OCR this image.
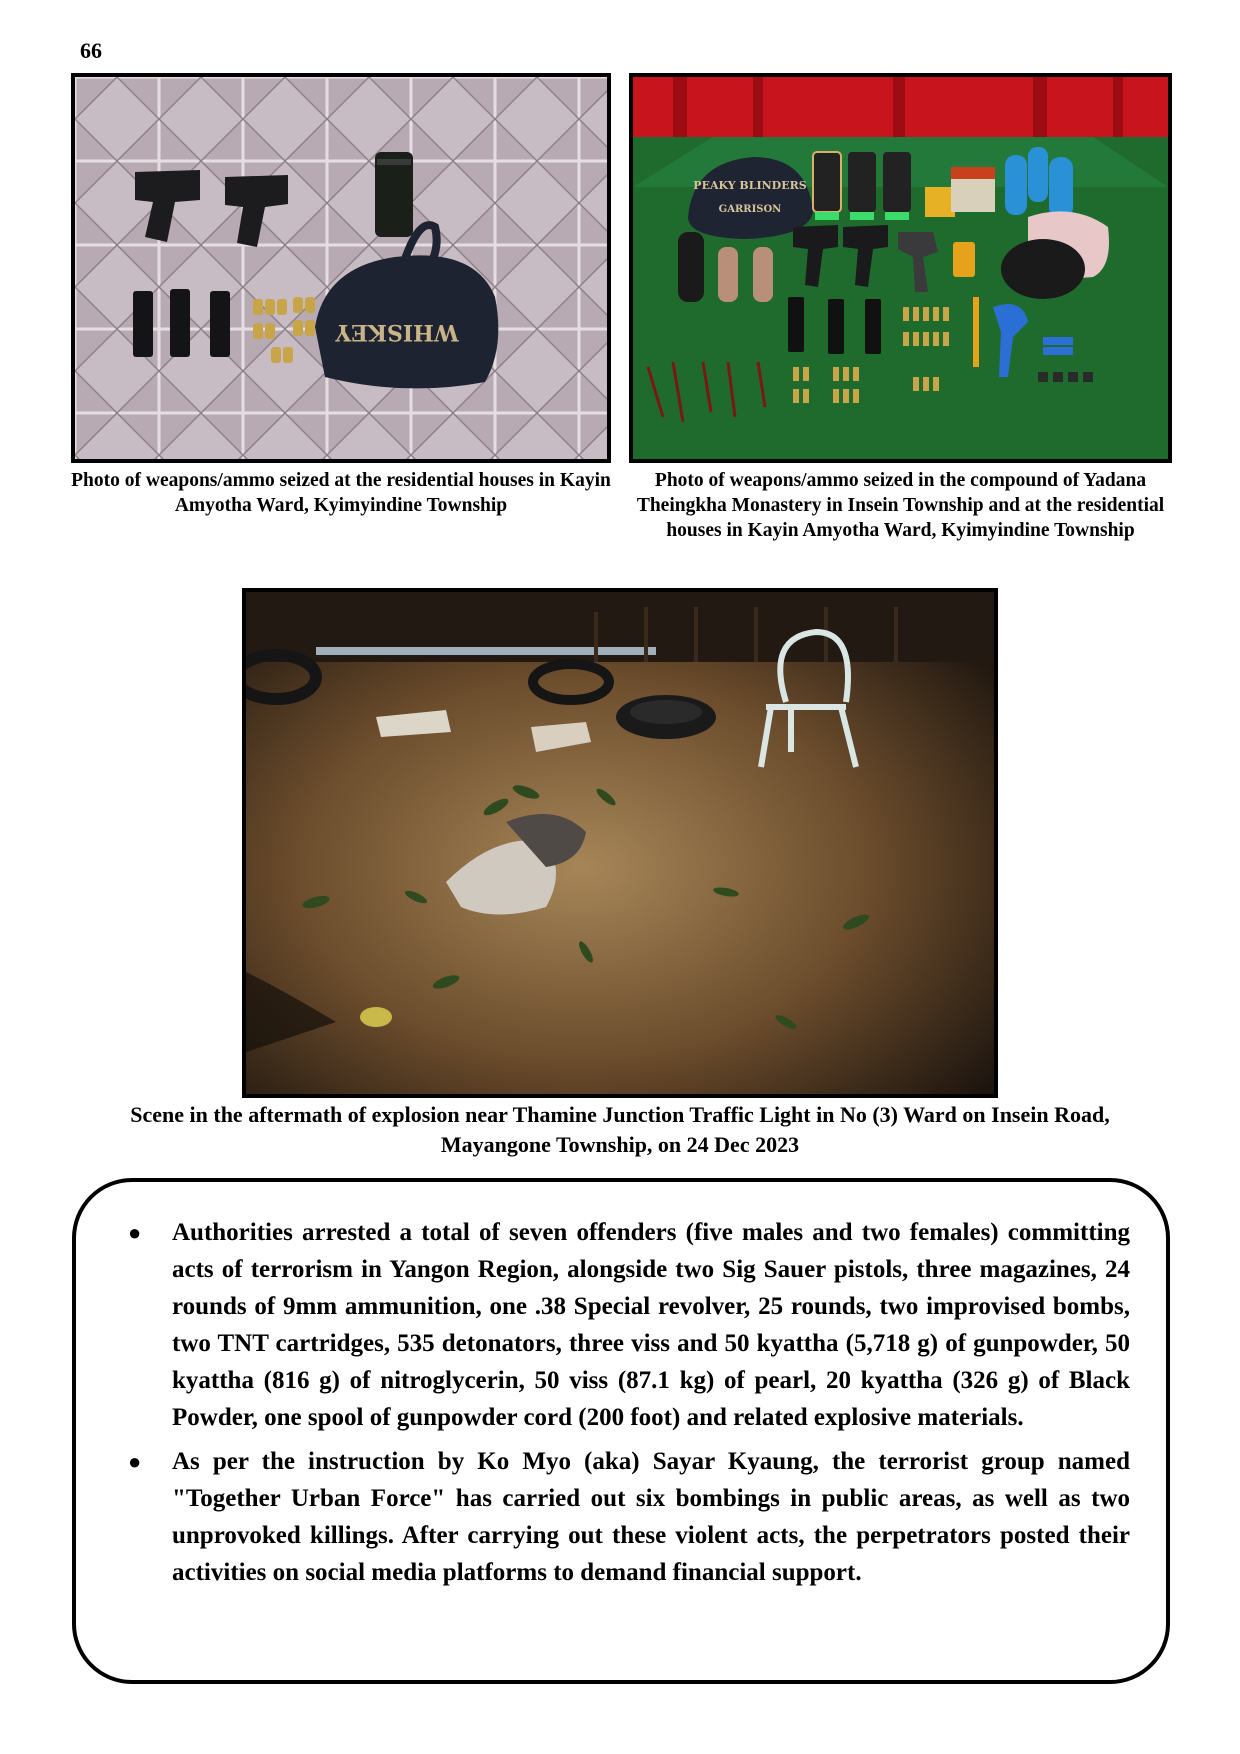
66
WHISKEY
PEAKY BLINDERS
GARRISON
Photo of weapons/ammo seized at the residential houses in Kayin Amyotha Ward, Kyimyindine Township
Photo of weapons/ammo seized in the compound of Yadana Theingkha Monastery in Insein Township and at the residential houses in Kayin Amyotha Ward, Kyimyindine Township
Scene in the aftermath of explosion near Thamine Junction Traffic Light in No (3) Ward on Insein Road, Mayangone Township, on 24 Dec 2023
● Authorities arrested a total of seven offenders (five males and two females) committing acts of terrorism in Yangon Region, alongside two Sig Sauer pistols, three magazines, 24 rounds of 9mm ammunition, one .38 Special revolver, 25 rounds, two improvised bombs, two TNT cartridges, 535 detonators, three viss and 50 kyattha (5,718 g) of gunpowder, 50 kyattha (816 g) of nitroglycerin, 50 viss (87.1 kg) of pearl, 20 kyattha (326 g) of Black Powder, one spool of gunpowder cord (200 foot) and related explosive materials.
● As per the instruction by Ko Myo (aka) Sayar Kyaung, the terrorist group named "Together Urban Force" has carried out six bombings in public areas, as well as two unprovoked killings. After carrying out these violent acts, the perpetrators posted their activities on social media platforms to demand financial support.
